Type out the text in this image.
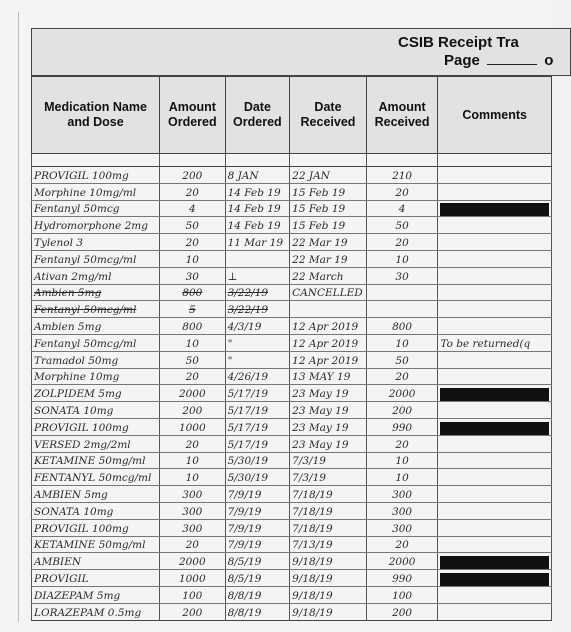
CSIB Receipt Tra
Page	o
Medication Name and Dose	Amount Ordered	Date Ordered	Date Received	Amount Received	Comments

PROVIGIL 100mg	200	8 JAN	22 JAN	210	
Morphine 10mg/ml	20	14 Feb 19	15 Feb 19	20	
Fentanyl 50mcg	4	14 Feb 19	15 Feb 19	4	

Hydromorphone 2mg	50	14 Feb 19	15 Feb 19	50	
Tylenol 3	20	11 Mar 19	22 Mar 19	20	
Fentanyl 50mcg/ml	10		22 Mar 19	10	
Ativan 2mg/ml	30	⊥	22 March	30	
Ambien 5mg	800	3/22/19	CANCELLED		
Fentanyl 50mcg/ml	5	3/22/19			
Ambien 5mg	800	4/3/19	12 Apr 2019	800	
Fentanyl 50mcg/ml	10	"	12 Apr 2019	10	To be returned(q
Tramadol 50mg	50	"	12 Apr 2019	50	
Morphine 10mg	20	4/26/19	13 MAY 19	20	
ZOLPIDEM 5mg	2000	5/17/19	23 May 19	2000	

SONATA 10mg	200	5/17/19	23 May 19	200	
PROVIGIL 100mg	1000	5/17/19	23 May 19	990	

VERSED 2mg/2ml	20	5/17/19	23 May 19	20	
KETAMINE 50mg/ml	10	5/30/19	7/3/19	10	
FENTANYL 50mcg/ml	10	5/30/19	7/3/19	10	
AMBIEN 5mg	300	7/9/19	7/18/19	300	
SONATA 10mg	300	7/9/19	7/18/19	300	
PROVIGIL 100mg	300	7/9/19	7/18/19	300	
KETAMINE 50mg/ml	20	7/9/19	7/13/19	20	
AMBIEN	2000	8/5/19	9/18/19	2000	

PROVIGIL	1000	8/5/19	9/18/19	990	

DIAZEPAM 5mg	100	8/8/19	9/18/19	100	
LORAZEPAM 0.5mg	200	8/8/19	9/18/19	200	
